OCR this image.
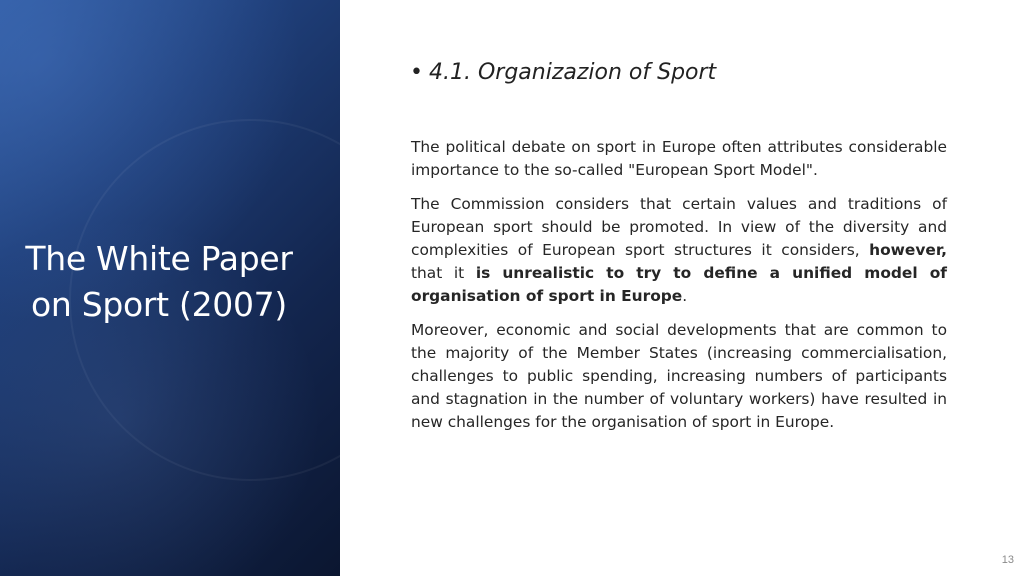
The White Paper
on Sport (2007)
• 4.1. Organizazion of Sport

The political debate on sport in Europe often attributes considerable importance to the so-called "European Sport Model".

The Commission considers that certain values and traditions of European sport should be promoted. In view of the diversity and complexities of European sport structures it considers, however, that it is unrealistic to try to define a unified model of organisation of sport in Europe.

Moreover, economic and social developments that are common to the majority of the Member States (increasing commercialisation, challenges to public spending, increasing numbers of participants and stagnation in the number of voluntary workers) have resulted in new challenges for the organisation of sport in Europe.

13
